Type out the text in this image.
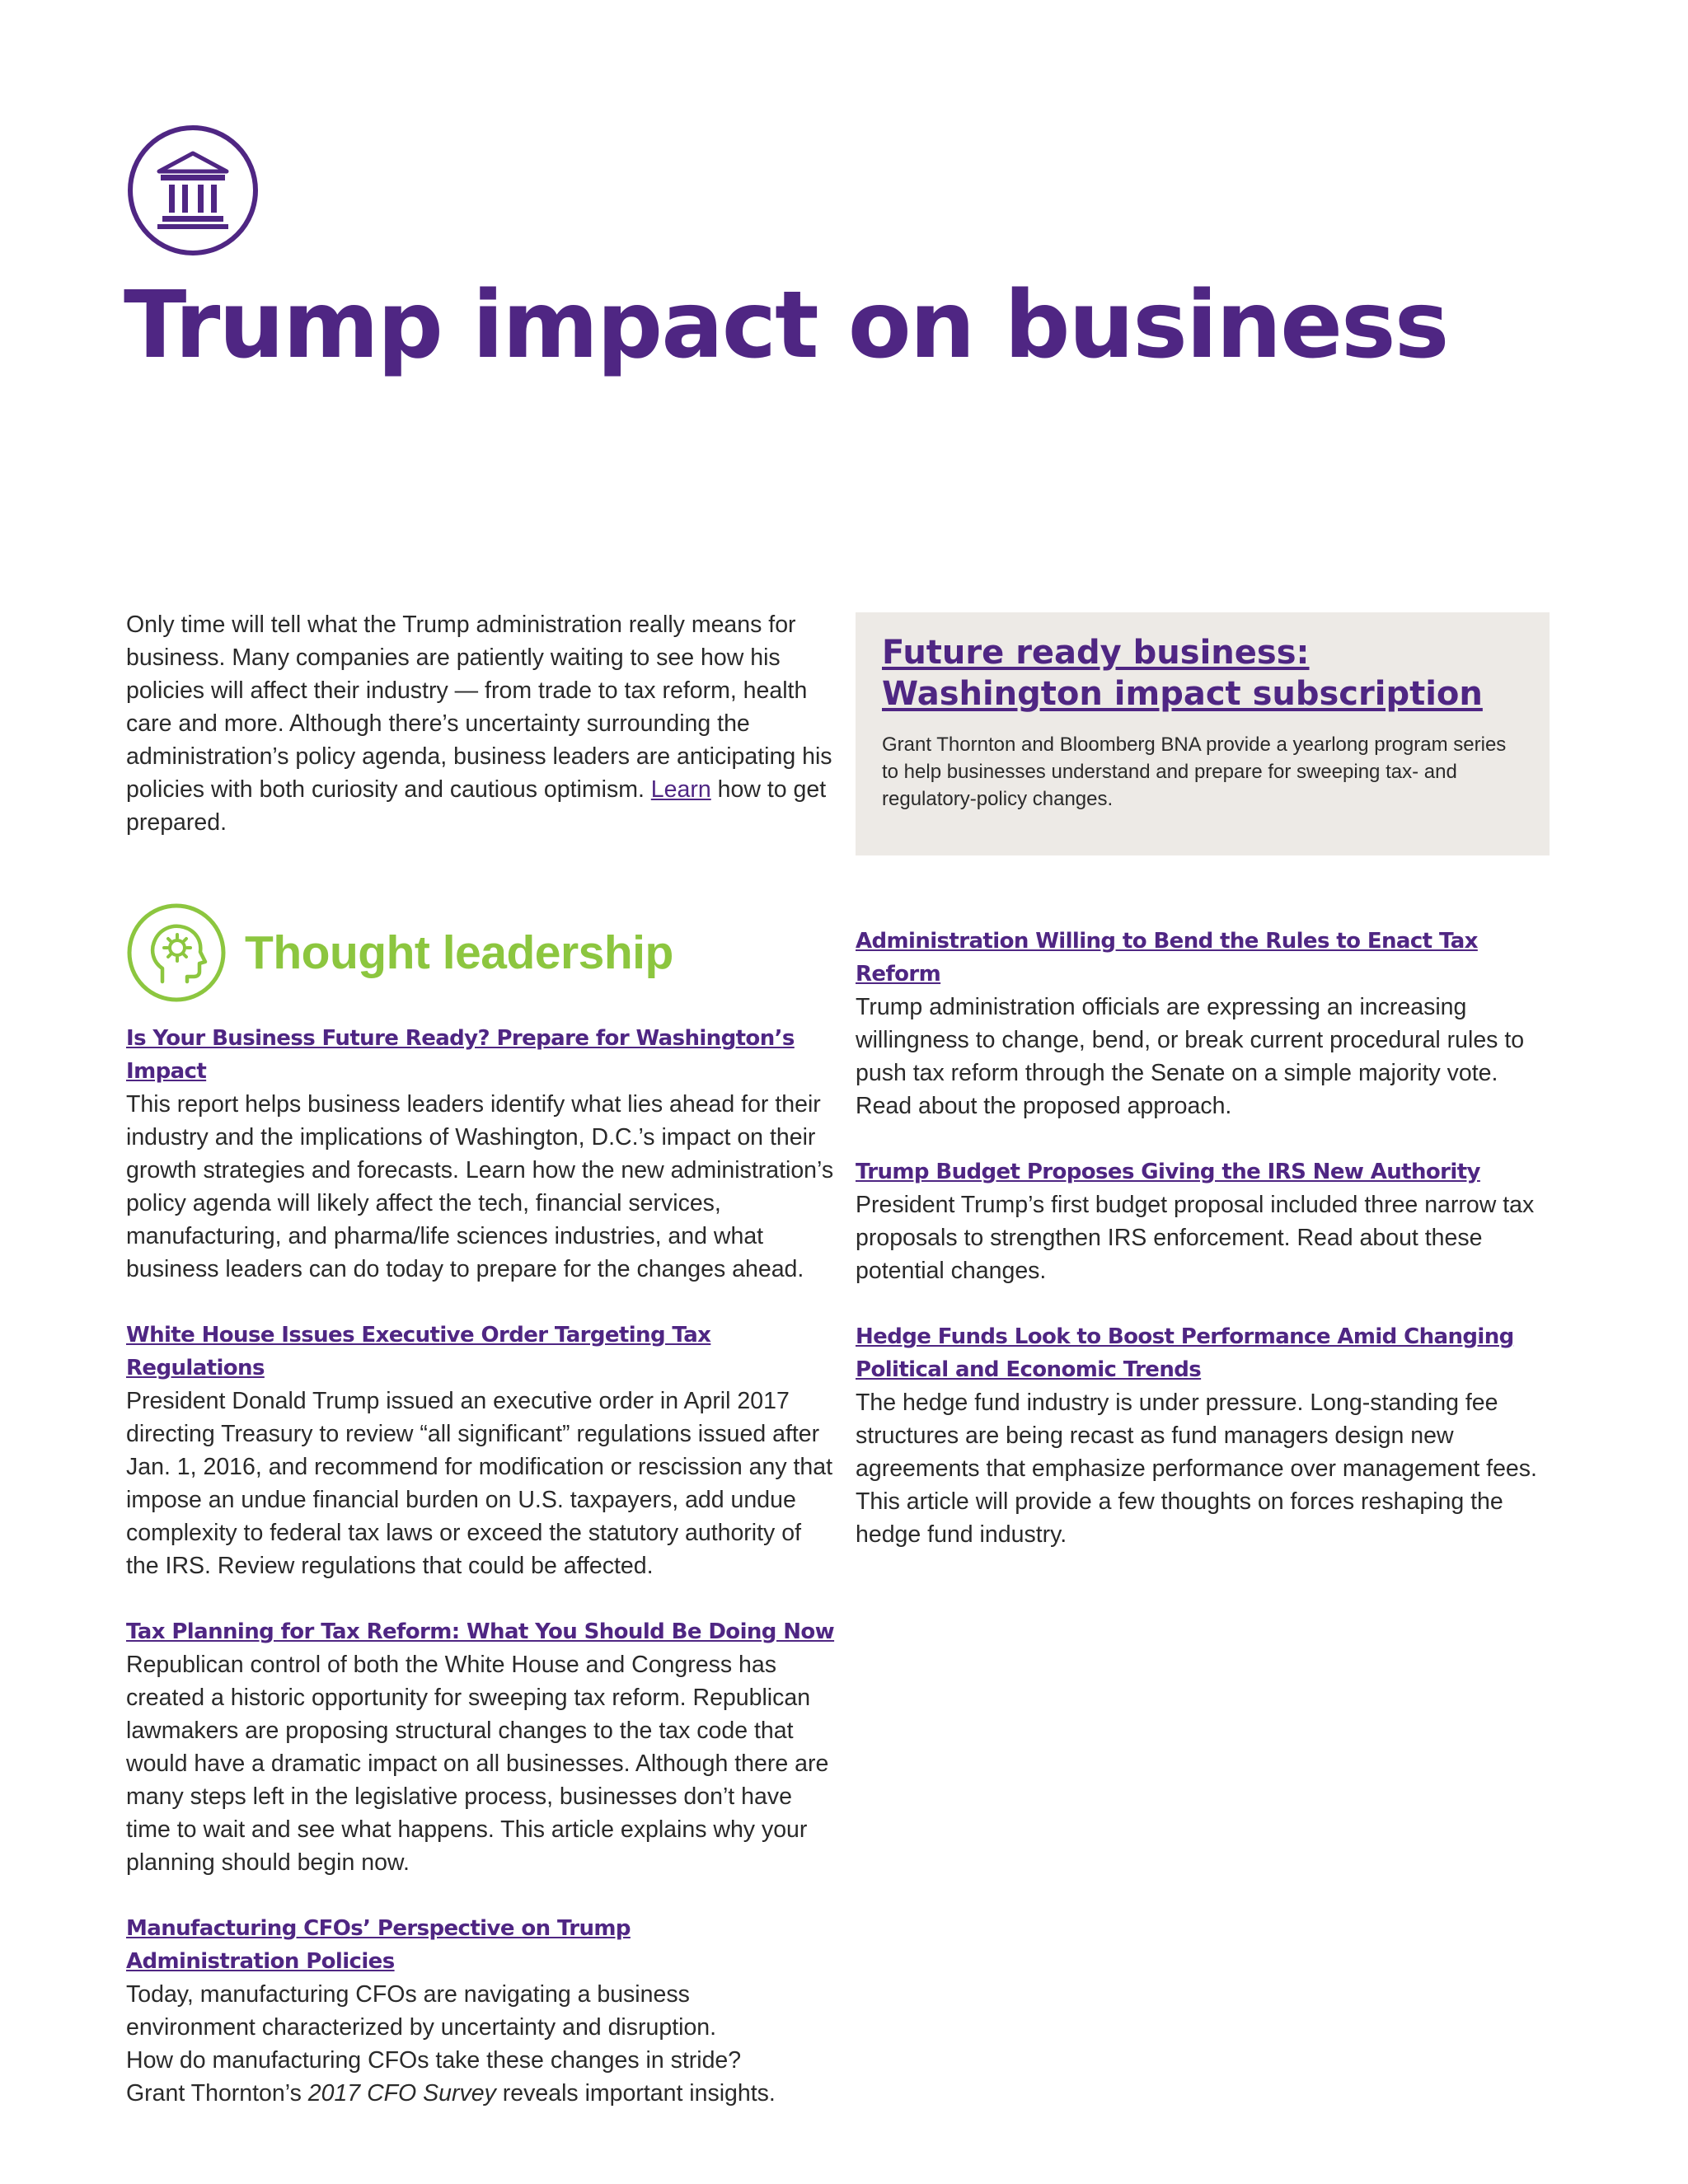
Trump impact on business

Only time will tell what the Trump administration really means for business. Many companies are patiently waiting to see how his policies will affect their industry — from trade to tax reform, health care and more. Although there’s uncertainty surrounding the administration’s policy agenda, business leaders are anticipating his policies with both curiosity and cautious optimism. Learn how to get prepared.

Future ready business:
Washington impact subscription

Grant Thornton and Bloomberg BNA provide a yearlong program series to help businesses understand and prepare for sweeping tax- and regulatory-policy changes.

Thought leadership

Is Your Business Future Ready? Prepare for Washington’s Impact

This report helps business leaders identify what lies ahead for their industry and the implications of Washington, D.C.’s impact on their growth strategies and forecasts. Learn how the new administration’s policy agenda will likely affect the tech, financial services, manufacturing, and pharma/life sciences industries, and what business leaders can do today to prepare for the changes ahead.

White House Issues Executive Order Targeting Tax Regulations

President Donald Trump issued an executive order in April 2017 directing Treasury to review “all significant” regulations issued after Jan. 1, 2016, and recommend for modification or rescission any that impose an undue financial burden on U.S. taxpayers, add undue complexity to federal tax laws or exceed the statutory authority of the IRS. Review regulations that could be affected.

Tax Planning for Tax Reform: What You Should Be Doing Now

Republican control of both the White House and Congress has created a historic opportunity for sweeping tax reform. Republican lawmakers are proposing structural changes to the tax code that would have a dramatic impact on all businesses. Although there are many steps left in the legislative process, businesses don’t have time to wait and see what happens. This article explains why your planning should begin now.

Manufacturing CFOs’ Perspective on Trump
Administration Policies

Today, manufacturing CFOs are navigating a business
environment characterized by uncertainty and disruption.
How do manufacturing CFOs take these changes in stride?
Grant Thornton’s 2017 CFO Survey reveals important insights.

Administration Willing to Bend the Rules to Enact Tax Reform

Trump administration officials are expressing an increasing willingness to change, bend, or break current procedural rules to push tax reform through the Senate on a simple majority vote. Read about the proposed approach.

Trump Budget Proposes Giving the IRS New Authority

President Trump’s first budget proposal included three narrow tax proposals to strengthen IRS enforcement. Read about these potential changes.

Hedge Funds Look to Boost Performance Amid Changing
Political and Economic Trends

The hedge fund industry is under pressure. Long-standing fee structures are being recast as fund managers design new agreements that emphasize performance over management fees. This article will provide a few thoughts on forces reshaping the hedge fund industry.
